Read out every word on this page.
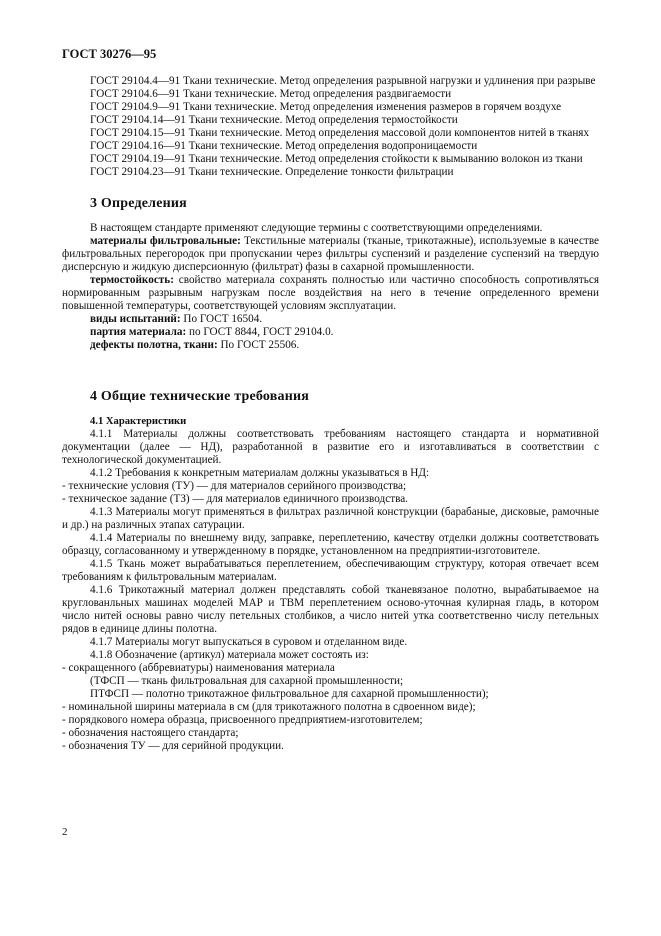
ГОСТ 30276—95

ГОСТ 29104.4—91 Ткани технические. Метод определения разрывной нагрузки и удлинения при разрыве

ГОСТ 29104.6—91 Ткани технические. Метод определения раздвигаемости

ГОСТ 29104.9—91 Ткани технические. Метод определения изменения размеров в горячем воздухе

ГОСТ 29104.14—91 Ткани технические. Метод определения термостойкости

ГОСТ 29104.15—91 Ткани технические. Метод определения массовой доли компонентов нитей в тканях

ГОСТ 29104.16—91 Ткани технические. Метод определения водопроницаемости

ГОСТ 29104.19—91 Ткани технические. Метод определения стойкости к вымыванию волокон из ткани

ГОСТ 29104.23—91 Ткани технические. Определение тонкости фильтрации

3 Определения

В настоящем стандарте применяют следующие термины с соответствующими определениями.

материалы фильтровальные: Текстильные материалы (тканые, трикотажные), используемые в качестве фильтровальных перегородок при пропускании через фильтры суспензий и разделение суспензий на твердую дисперсную и жидкую дисперсионную (фильтрат) фазы в сахарной промышленности.

термостойкость: свойство материала сохранять полностью или частично способность сопротивляться нормированным разрывным нагрузкам после воздействия на него в течение определенного времени повышенной температуры, соответствующей условиям эксплуатации.

виды испытаний: По ГОСТ 16504.

партия материала: по ГОСТ 8844, ГОСТ 29104.0.

дефекты полотна, ткани: По ГОСТ 25506.

4 Общие технические требования
4.1 Характеристики

4.1.1 Материалы должны соответствовать требованиям настоящего стандарта и нормативной документации (далее — НД), разработанной в развитие его и изготавливаться в соответствии с технологической документацией.

4.1.2 Требования к конкретным материалам должны указываться в НД:

- технические условия (ТУ) — для материалов серийного производства;

- техническое задание (ТЗ) — для материалов единичного производства.

4.1.3 Материалы могут применяться в фильтрах различной конструкции (барабаные, дисковые, рамочные и др.) на различных этапах сатурации.

4.1.4 Материалы по внешнему виду, заправке, переплетению, качеству отделки должны соответствовать образцу, согласованному и утвержденному в порядке, установленном на предприятии-изготовителе.

4.1.5 Ткань может вырабатываться переплетением, обеспечивающим структуру, которая отвечает всем требованиям к фильтровальным материалам.

4.1.6 Трикотажный материал должен представлять собой тканевязаное полотно, вырабатываемое на круглованльных машинах моделей МАР и ТВМ переплетением осново-уточная кулирная гладь, в котором число нитей основы равно числу петельных столбиков, а число нитей утка соответственно числу петельных рядов в единице длины полотна.

4.1.7 Материалы могут выпускаться в суровом и отделанном виде.

4.1.8 Обозначение (артикул) материала может состоять из:

- сокращенного (аббревиатуры) наименования материала

(ТФСП — ткань фильтровальная для сахарной промышленности;

ПТФСП — полотно трикотажное фильтровальное для сахарной промышленности);

- номинальной ширины материала в см (для трикотажного полотна в сдвоенном виде);

- порядкового номера образца, присвоенного предприятием-изготовителем;

- обозначения настоящего стандарта;

- обозначения ТУ — для серийной продукции.

2
